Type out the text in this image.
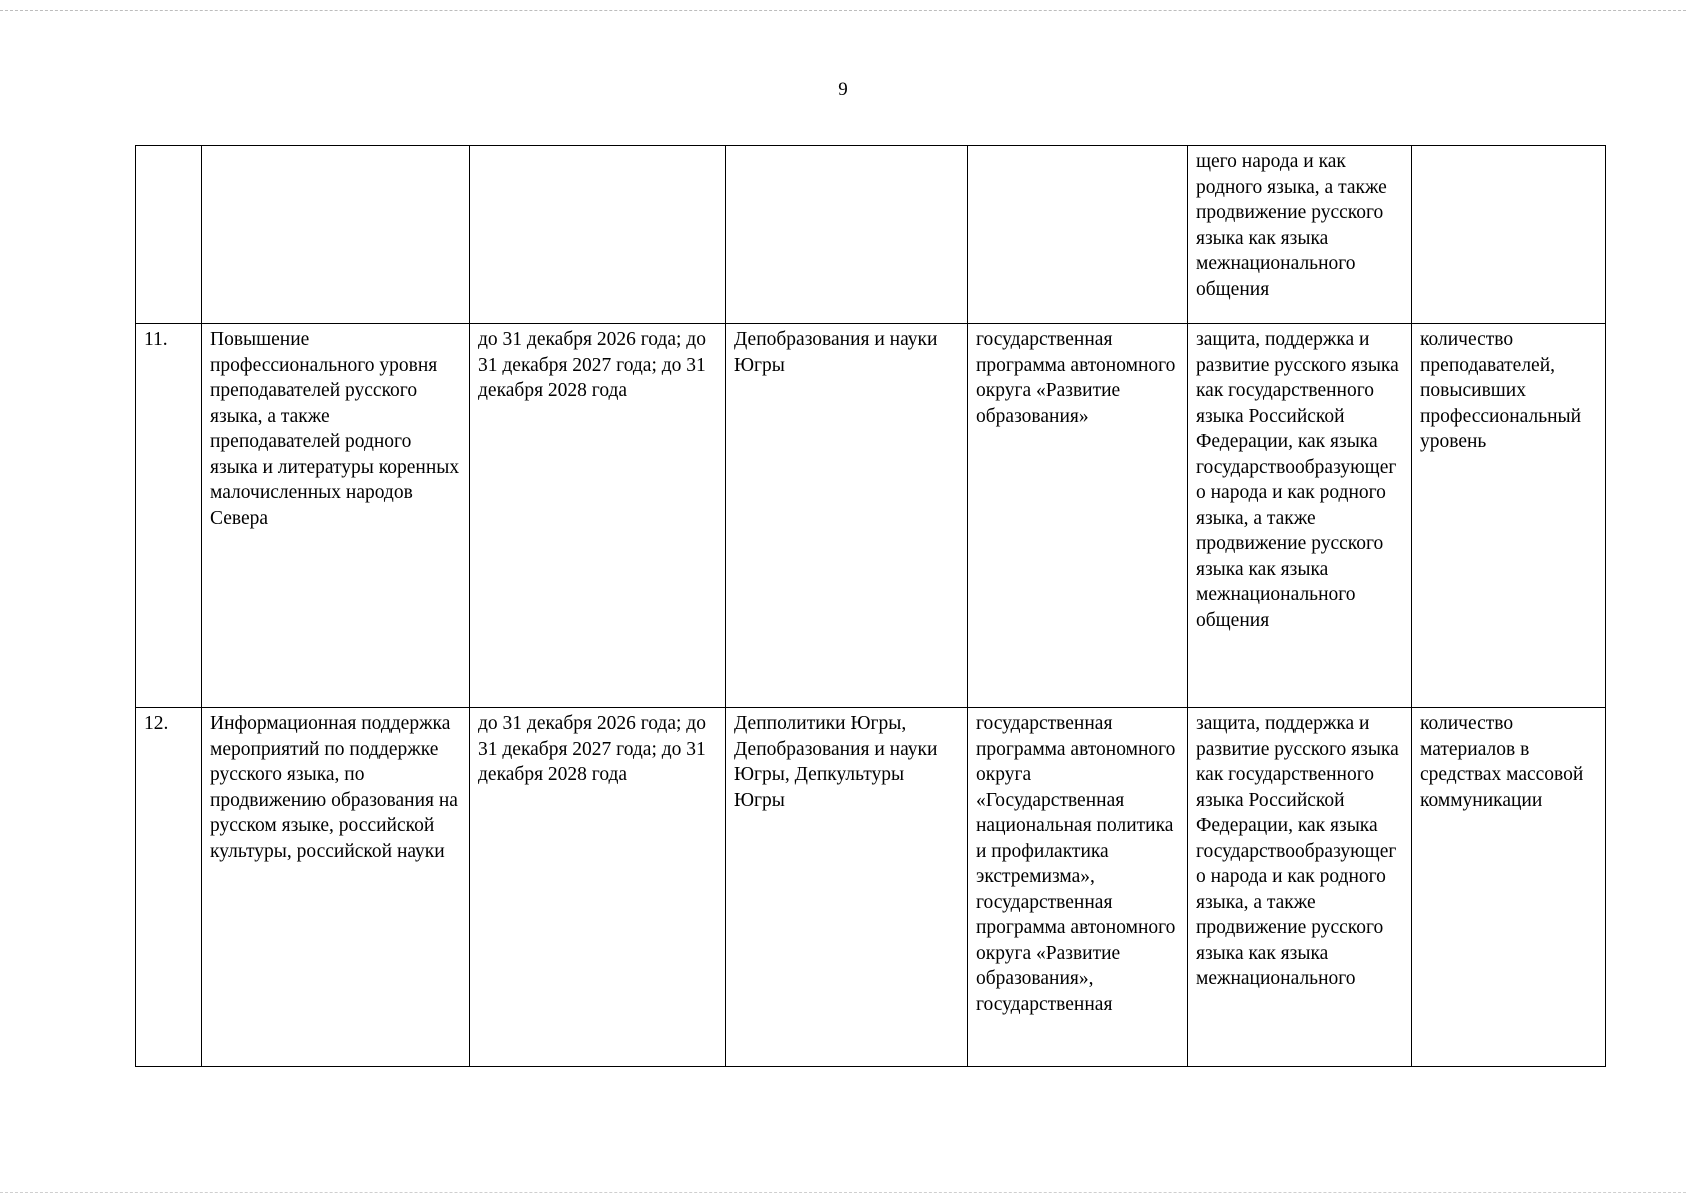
9

					щего народа и как родного языка, а также продвижение русского языка как языка межнационального общения	

11.	Повышение профессионального уровня преподавателей русского языка, а также преподавателей родного языка и литературы коренных малочисленных народов Севера	до 31 декабря 2026 года; до 31 декабря 2027 года; до 31 декабря 2028 года	Депобразования и науки Югры	государственная программа автономного округа «Развитие образования»	защита, поддержка и развитие русского языка как государственного языка Российской Федерации, как языка государствообразующего народа и как родного языка, а также продвижение русского языка как языка межнационального общения	количество преподавателей, повысивших профессиональный уровень

12.	Информационная поддержка мероприятий по поддержке русского языка, по продвижению образования на русском языке, российской культуры, российской науки	до 31 декабря 2026 года; до 31 декабря 2027 года; до 31 декабря 2028 года	Депполитики Югры, Депобразования и науки Югры, Депкультуры Югры	государственная программа автономного округа «Государственная национальная политика и профилактика экстремизма», государственная программа автономного округа «Развитие образования», государственная	защита, поддержка и развитие русского языка как государственного языка Российской Федерации, как языка государствообразующего народа и как родного языка, а также продвижение русского языка как языка межнационального	количество материалов в средствах массовой коммуникации
